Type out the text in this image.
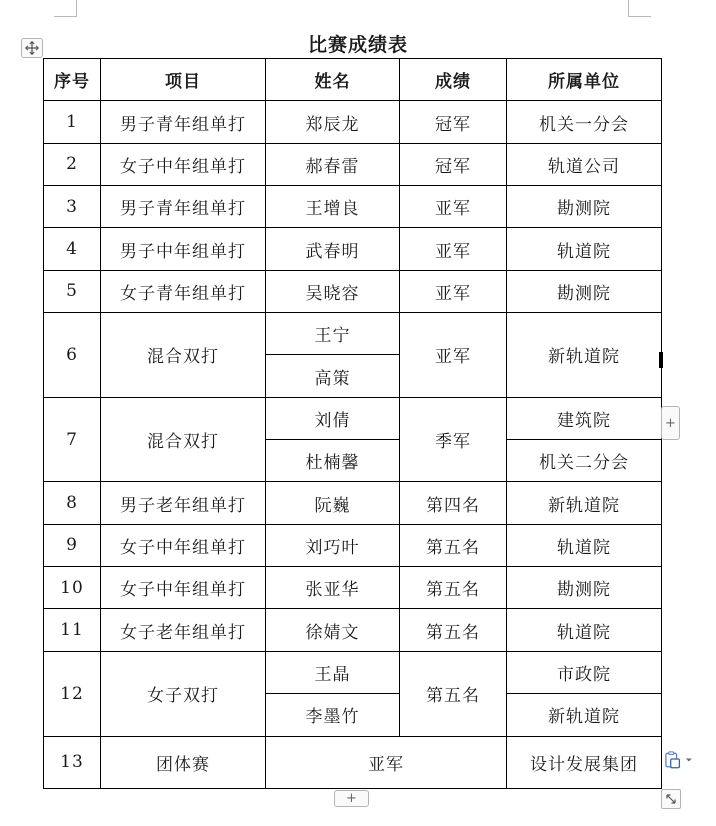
比赛成绩表
序号	项目	姓名	成绩	所属单位
1	男子青年组单打	郑辰龙	冠军	机关一分会
2	女子中年组单打	郝春雷	冠军	轨道公司
3	男子青年组单打	王增良	亚军	勘测院
4	男子中年组单打	武春明	亚军	轨道院
5	女子青年组单打	吴晓容	亚军	勘测院
6	混合双打	王宁	亚军	新轨道院
		高策		
7	混合双打	刘倩	季军	建筑院
		杜楠馨		机关二分会
8	男子老年组单打	阮巍	第四名	新轨道院
9	女子中年组单打	刘巧叶	第五名	轨道院
10	女子中年组单打	张亚华	第五名	勘测院
11	女子老年组单打	徐婧文	第五名	轨道院
12	女子双打	王晶	第五名	市政院
		李墨竹		新轨道院
13	团体赛	亚军		设计发展集团
+
+
